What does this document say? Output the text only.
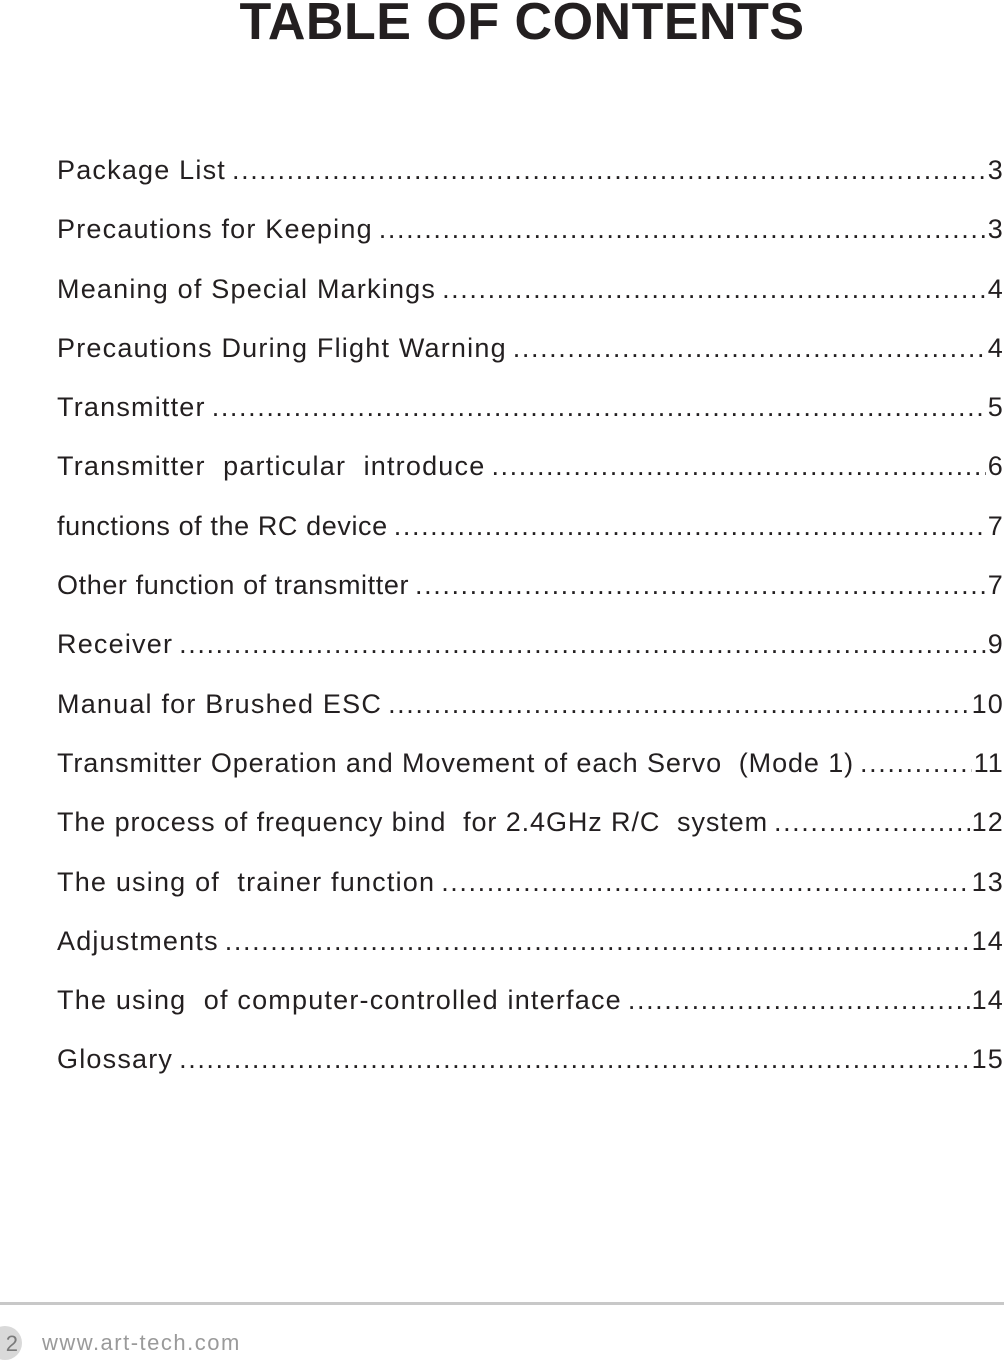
TABLE OF CONTENTS
Package List .....	3
Precautions for Keeping .....	3
Meaning of Special Markings .....	4
Precautions During Flight Warning .....	4
Transmitter .....	5
Transmitter  particular  introduce .....	6
functions of the RC device .....	7
Other function of transmitter .....	7
Receiver .....	9
Manual for Brushed ESC .....	10
Transmitter Operation and Movement of each Servo  (Mode 1) .....	11
The process of frequency bind  for 2.4GHz R/C  system .....	12
The using of  trainer function .....	13
Adjustments .....	14
The using  of computer-controlled interface .....	14
Glossary .....	15
2 www.art-tech.com
